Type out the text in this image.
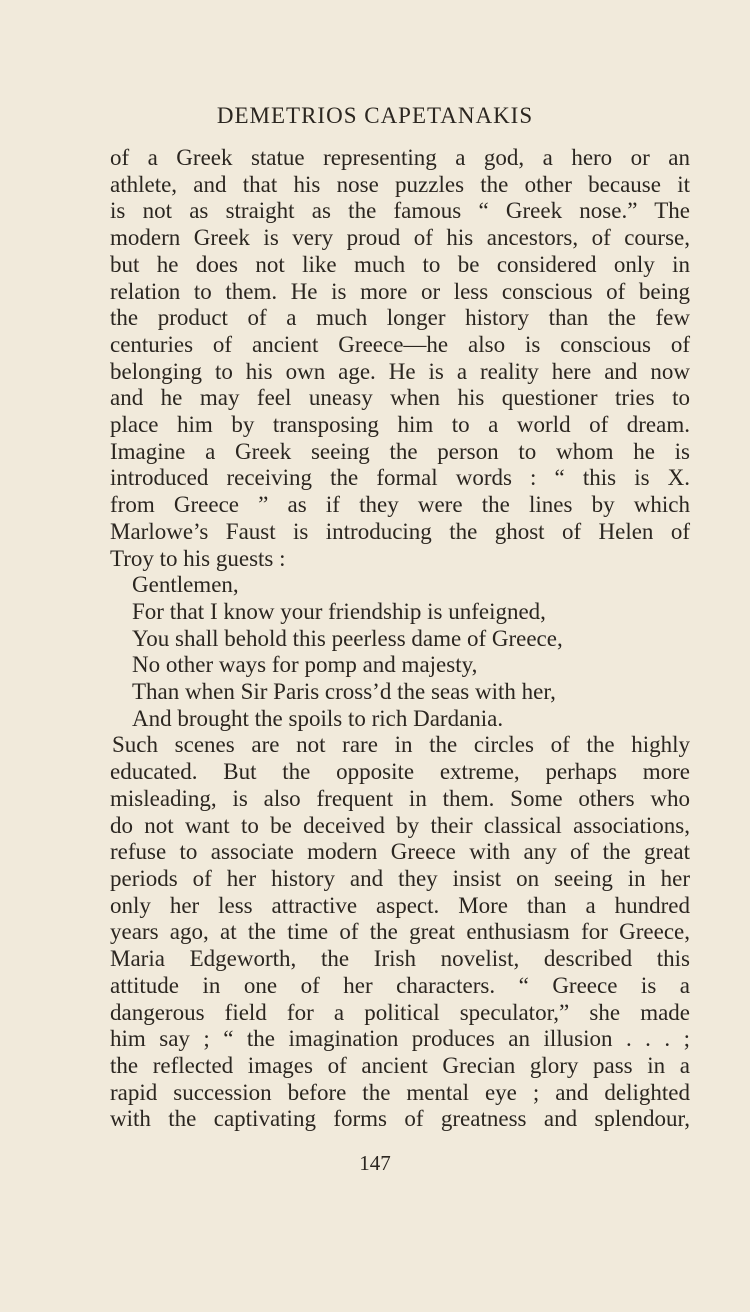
DEMETRIOS CAPETANAKIS
of a Greek statue representing a god, a hero or an
athlete, and that his nose puzzles the other because it
is not as straight as the famous “ Greek nose.” The
modern Greek is very proud of his ancestors, of course,
but he does not like much to be considered only in
relation to them. He is more or less conscious of being
the product of a much longer history than the few
centuries of ancient Greece—he also is conscious of
belonging to his own age. He is a reality here and now
and he may feel uneasy when his questioner tries to
place him by transposing him to a world of dream.
Imagine a Greek seeing the person to whom he is
introduced receiving the formal words : “ this is X.
from Greece ” as if they were the lines by which
Marlowe’s Faust is introducing the ghost of Helen of
Troy to his guests :
Gentlemen,
For that I know your friendship is unfeigned,
You shall behold this peerless dame of Greece,
No other ways for pomp and majesty,
Than when Sir Paris cross’d the seas with her,
And brought the spoils to rich Dardania.
Such scenes are not rare in the circles of the highly
educated. But the opposite extreme, perhaps more
misleading, is also frequent in them. Some others who
do not want to be deceived by their classical associations,
refuse to associate modern Greece with any of the great
periods of her history and they insist on seeing in her
only her less attractive aspect. More than a hundred
years ago, at the time of the great enthusiasm for Greece,
Maria Edgeworth, the Irish novelist, described this
attitude in one of her characters. “ Greece is a
dangerous field for a political speculator,” she made
him say ; “ the imagination produces an illusion . . . ;
the reflected images of ancient Grecian glory pass in a
rapid succession before the mental eye ; and delighted
with the captivating forms of greatness and splendour,
147
